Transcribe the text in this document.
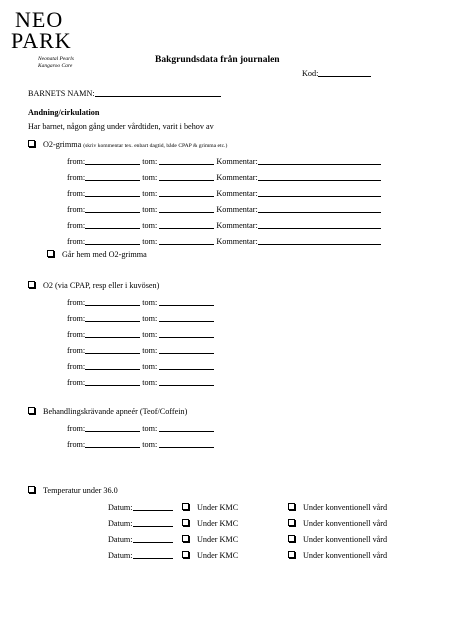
NEO
PARK
Neonatal Pearls
Kangaroo Care
Bakgrundsdata från journalen
Kod:
BARNETS NAMN:
Andning/cirkulation
Har barnet, någon gång under vårdtiden, varit i behov av
O2-grimma (skriv kommentar tex. enbart dagtid, både CPAP & grimma etc.)
from:	tom:	Kommentar:
from:	tom:	Kommentar:
from:	tom:	Kommentar:
from:	tom:	Kommentar:
from:	tom:	Kommentar:
from:	tom:	Kommentar:
Går hem med O2-grimma
O2 (via CPAP, resp eller i kuvösen)
from:	tom:
from:	tom:
from:	tom:
from:	tom:
from:	tom:
from:	tom:
Behandlingskrävande apneér (Teof/Coffein)
from:	tom:
from:	tom:
Temperatur under 36.0
Datum:	Under KMC	Under konventionell vård
Datum:	Under KMC	Under konventionell vård
Datum:	Under KMC	Under konventionell vård
Datum:	Under KMC	Under konventionell vård
